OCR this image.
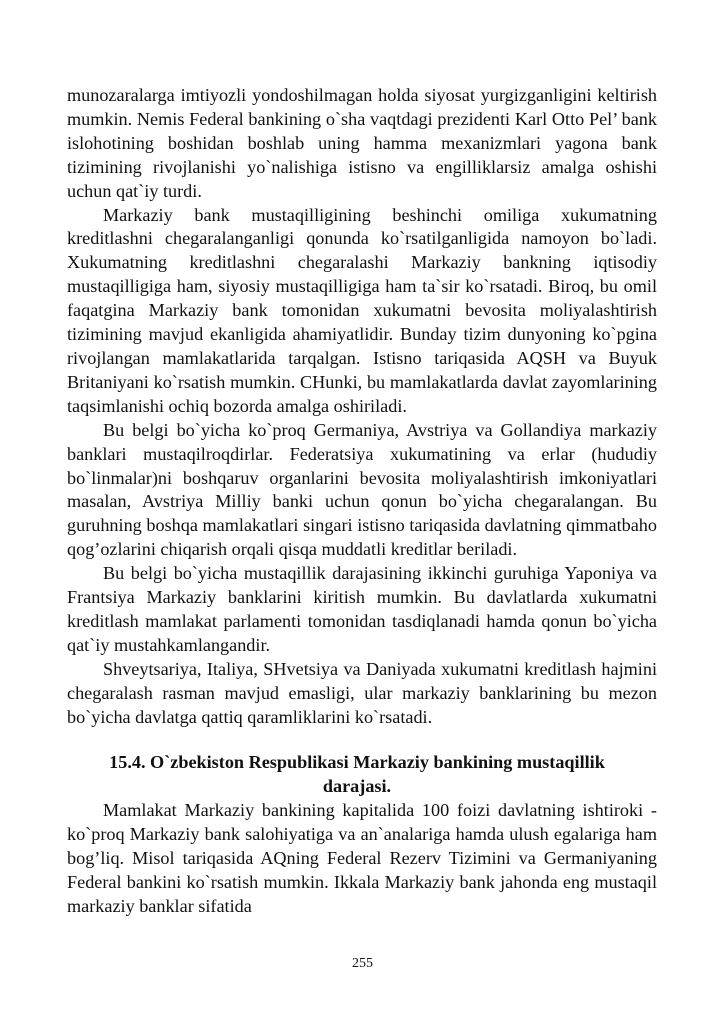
munozaralarga imtiyozli yondoshilmagan holda siyosat yurgizganligini keltirish mumkin. Nemis Federal bankining o`sha vaqtdagi prezidenti Karl Otto Pel’ bank islohotining boshidan boshlab uning hamma mexanizmlari yagona bank tizimining rivojlanishi yo`nalishiga istisno va engilliklarsiz amalga oshishi uchun qat`iy turdi.

Markaziy bank mustaqilligining beshinchi omiliga xukumatning kreditlashni chegaralanganligi qonunda ko`rsatilganligida namoyon bo`ladi. Xukumatning kreditlashni chegaralashi Markaziy bankning iqtisodiy mustaqilligiga ham, siyosiy mustaqilligiga ham ta`sir ko`rsatadi. Biroq, bu omil faqatgina Markaziy bank tomonidan xukumatni bevosita moliyalashtirish tizimining mavjud ekanligida ahamiyatlidir. Bunday tizim dunyoning ko`pgina rivojlangan mamlakatlarida tarqalgan. Istisno tariqasida AQSH va Buyuk Britaniyani ko`rsatish mumkin. CHunki, bu mamlakatlarda davlat zayomlarining taqsimlanishi ochiq bozorda amalga oshiriladi.

Bu belgi bo`yicha ko`proq Germaniya, Avstriya va Gollandiya markaziy banklari mustaqilroqdirlar. Federatsiya xukumatining va erlar (hududiy bo`linmalar)ni boshqaruv organlarini bevosita moliyalashtirish imkoniyatlari masalan, Avstriya Milliy banki uchun qonun bo`yicha chegaralangan. Bu guruhning boshqa mamlakatlari singari istisno tariqasida davlatning qimmatbaho qog’ozlarini chiqarish orqali qisqa muddatli kreditlar beriladi.

Bu belgi bo`yicha mustaqillik darajasining ikkinchi guruhiga Yaponiya va Frantsiya Markaziy banklarini kiritish mumkin. Bu davlatlarda xukumatni kreditlash mamlakat parlamenti tomonidan tasdiqlanadi hamda qonun bo`yicha qat`iy mustahkamlangandir.

Shveytsariya, Italiya, SHvetsiya va Daniyada xukumatni kreditlash hajmini chegaralash rasman mavjud emasligi, ular markaziy banklarining bu mezon bo`yicha davlatga qattiq qaramliklarini ko`rsatadi.

15.4. O`zbekiston Respublikasi Markaziy bankining mustaqillik
darajasi.

Mamlakat Markaziy bankining kapitalida 100 foizi davlatning ishtiroki - ko`proq Markaziy bank salohiyatiga va an`analariga hamda ulush egalariga ham bog’liq. Misol tariqasida AQning Federal Rezerv Tizimini va Germaniyaning Federal bankini ko`rsatish mumkin. Ikkala Markaziy bank jahonda eng mustaqil markaziy banklar sifatida

255
